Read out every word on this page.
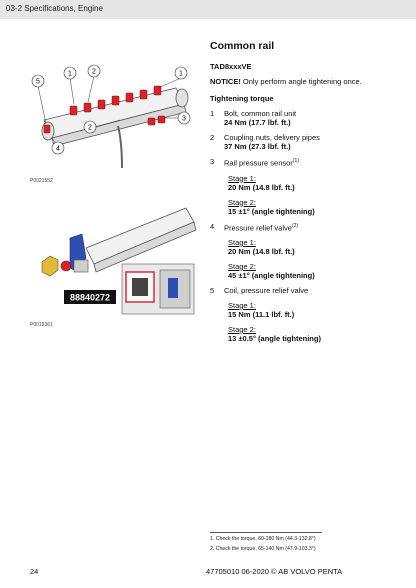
03-2 Specifications, Engine
1	2	1
5
2
3
4
P0021552
88840272
P0019361
Common rail
TAD8xxxVE
NOTICE! Only perform angle tightening once.
Tightening torque
1 Bolt, common rail unit
24 Nm (17.7 lbf. ft.)
2 Coupling nuts, delivery pipes
37 Nm (27.3 lbf. ft.)
3 Rail pressure sensor$^{(1)}$
Stage 1:
20 Nm (14.8 lbf. ft.)
Stage 2:
15 ±1° (angle tightening)
4 Pressure relief valve$^{(2)}$
Stage 1:
20 Nm (14.8 lbf. ft.)
Stage 2:
45 ±1° (angle tightening)
5 Coil, pressure relief valve
Stage 1:
15 Nm (11.1 lbf. ft.)
Stage 2:
13 ±0.5° (angle tightening)
1. Check the torque, 60-180 Nm (44.3-132.8°)
2. Check the torque, 65-140 Nm (47.9-103.3°)
24	47705010 06-2020 © AB VOLVO PENTA
